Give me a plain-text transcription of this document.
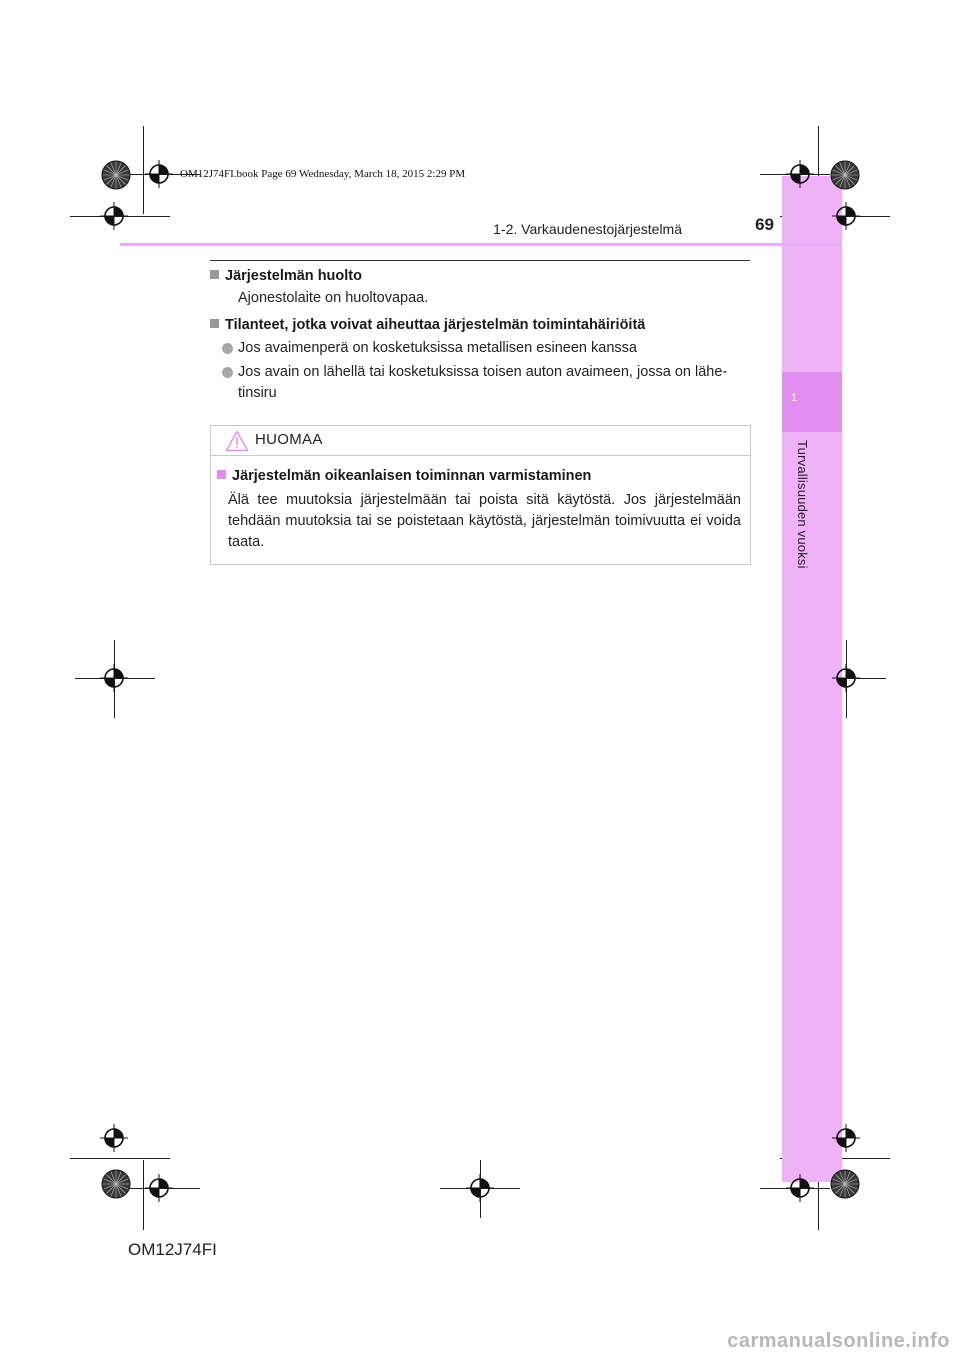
1
Turvallisuuden vuoksi
OM12J74FI.book Page 69 Wednesday, March 18, 2015 2:29 PM
1-2. Varkaudenestojärjestelmä	69
Järjestelmän huolto
Ajonestolaite on huoltovapaa.
Tilanteet, jotka voivat aiheuttaa järjestelmän toimintahäiriöitä
Jos avaimenperä on kosketuksissa metallisen esineen kanssa
Jos avain on lähellä tai kosketuksissa toisen auton avaimeen, jossa on lähe-tinsiru
HUOMAA
Järjestelmän oikeanlaisen toiminnan varmistaminen
Älä tee muutoksia järjestelmään tai poista sitä käytöstä. Jos järjestelmään tehdään muutoksia tai se poistetaan käytöstä, järjestelmän toimivuutta ei voida taata.
OM12J74FI
carmanualsonline.info
